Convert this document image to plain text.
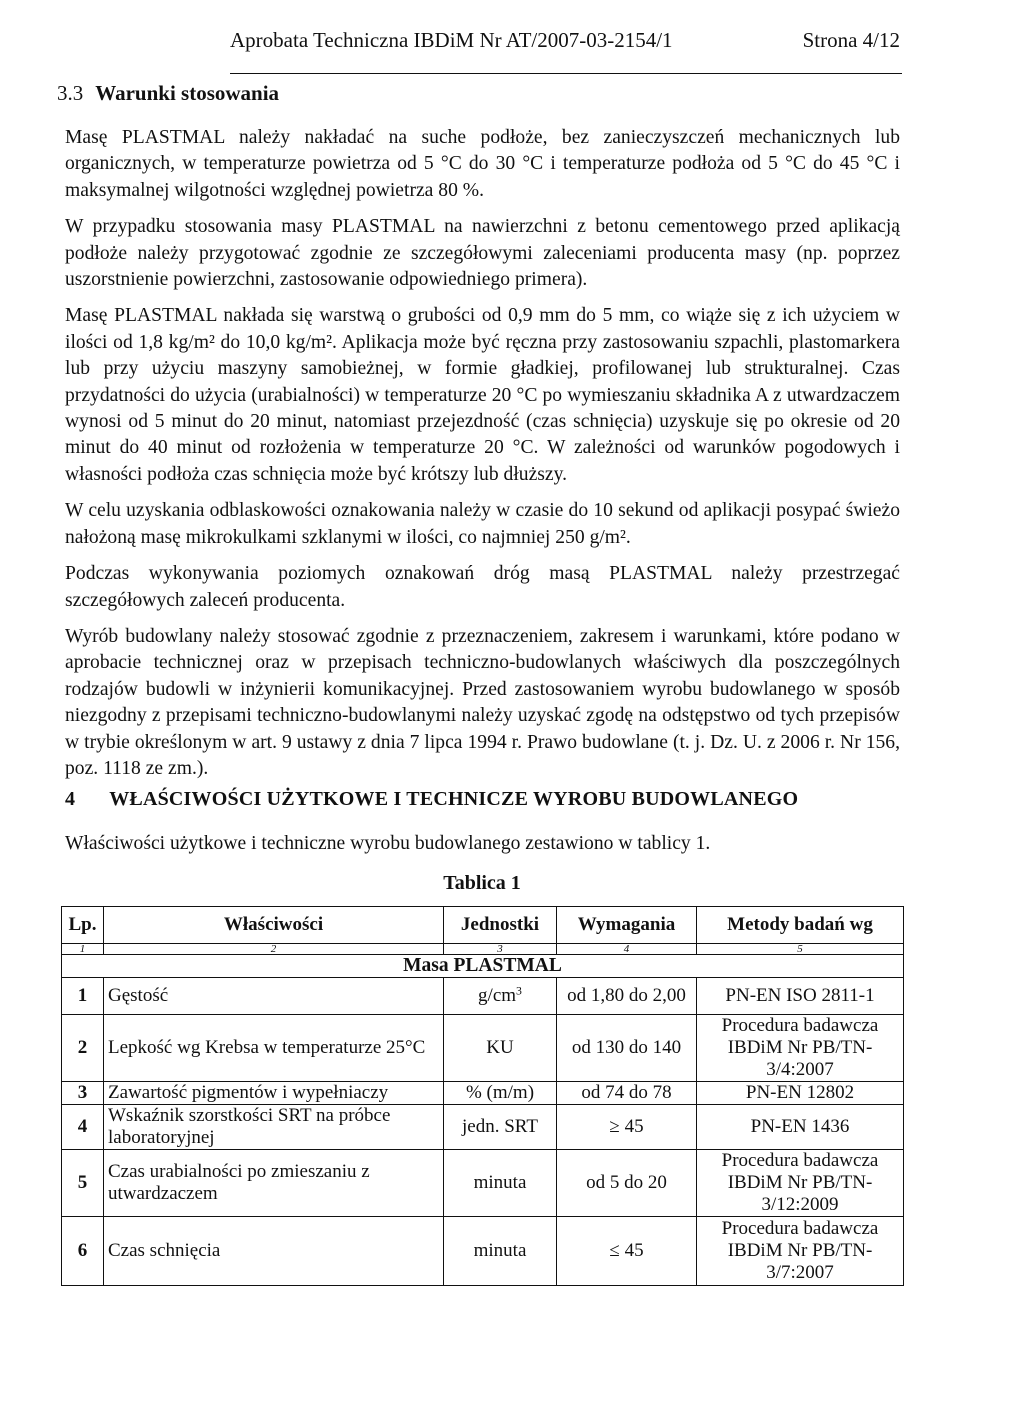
Aprobata Techniczna IBDiM Nr AT/2007-03-2154/1	Strona 4/12
3.3 Warunki stosowania

Masę PLASTMAL należy nakładać na suche podłoże, bez zanieczyszczeń mechanicznych lub organicznych, w temperaturze powietrza od 5 °C do 30 °C i temperaturze podłoża od 5 °C do 45 °C i maksymalnej wilgotności względnej powietrza 80 %.

W przypadku stosowania masy PLASTMAL na nawierzchni z betonu cementowego przed aplikacją podłoże należy przygotować zgodnie ze szczegółowymi zaleceniami producenta masy (np. poprzez uszorstnienie powierzchni, zastosowanie odpowiedniego primera).

Masę PLASTMAL nakłada się warstwą o grubości od 0,9 mm do 5 mm, co wiąże się z ich użyciem w ilości od 1,8 kg/m² do 10,0 kg/m². Aplikacja może być ręczna przy zastosowaniu szpachli, plastomarkera lub przy użyciu maszyny samobieżnej, w formie gładkiej, profilowanej lub strukturalnej. Czas przydatności do użycia (urabialności) w temperaturze 20 °C po wymieszaniu składnika A z utwardzaczem wynosi od 5 minut do 20 minut, natomiast przejezdność (czas schnięcia) uzyskuje się po okresie od 20 minut do 40 minut od rozłożenia w temperaturze 20 °C. W zależności od warunków pogodowych i własności podłoża czas schnięcia może być krótszy lub dłuższy.

W celu uzyskania odblaskowości oznakowania należy w czasie do 10 sekund od aplikacji posypać świeżo nałożoną masę mikrokulkami szklanymi w ilości, co najmniej 250 g/m².

Podczas wykonywania poziomych oznakowań dróg masą PLASTMAL należy przestrzegać szczegółowych zaleceń producenta.

Wyrób budowlany należy stosować zgodnie z przeznaczeniem, zakresem i warunkami, które podano w aprobacie technicznej oraz w przepisach techniczno-budowlanych właściwych dla poszczególnych rodzajów budowli w inżynierii komunikacyjnej. Przed zastosowaniem wyrobu budowlanego w sposób niezgodny z przepisami techniczno-budowlanymi należy uzyskać zgodę na odstępstwo od tych przepisów w trybie określonym w art. 9 ustawy z dnia 7 lipca 1994 r. Prawo budowlane (t. j. Dz. U. z 2006 r. Nr 156, poz. 1118 ze zm.).

4 WŁAŚCIWOŚCI UŻYTKOWE I TECHNICZE WYROBU BUDOWLANEGO
Właściwości użytkowe i techniczne wyrobu budowlanego zestawiono w tablicy 1.
Tablica 1
Lp.	Właściwości	Jednostki	Wymagania	Metody badań wg
1	2	3	4	5
Masa PLASTMAL				
1	Gęstość	$g/cm^3$	od 1,80 do 2,00	PN-EN ISO 2811-1
2	Lepkość wg Krebsa w temperaturze 25°C	KU	od 130 do 140	Procedura badawcza IBDiM Nr PB/TN-3/4:2007
3	Zawartość pigmentów i wypełniaczy	% (m/m)	od 74 do 78	PN-EN 12802
4	Wskaźnik szorstkości SRT na próbce laboratoryjnej	jedn. SRT	≥ 45	PN-EN 1436
5	Czas urabialności po zmieszaniu z utwardzaczem	minuta	od 5 do 20	Procedura badawcza IBDiM Nr PB/TN-3/12:2009
6	Czas schnięcia	minuta	≤ 45	Procedura badawcza IBDiM Nr PB/TN-3/7:2007
